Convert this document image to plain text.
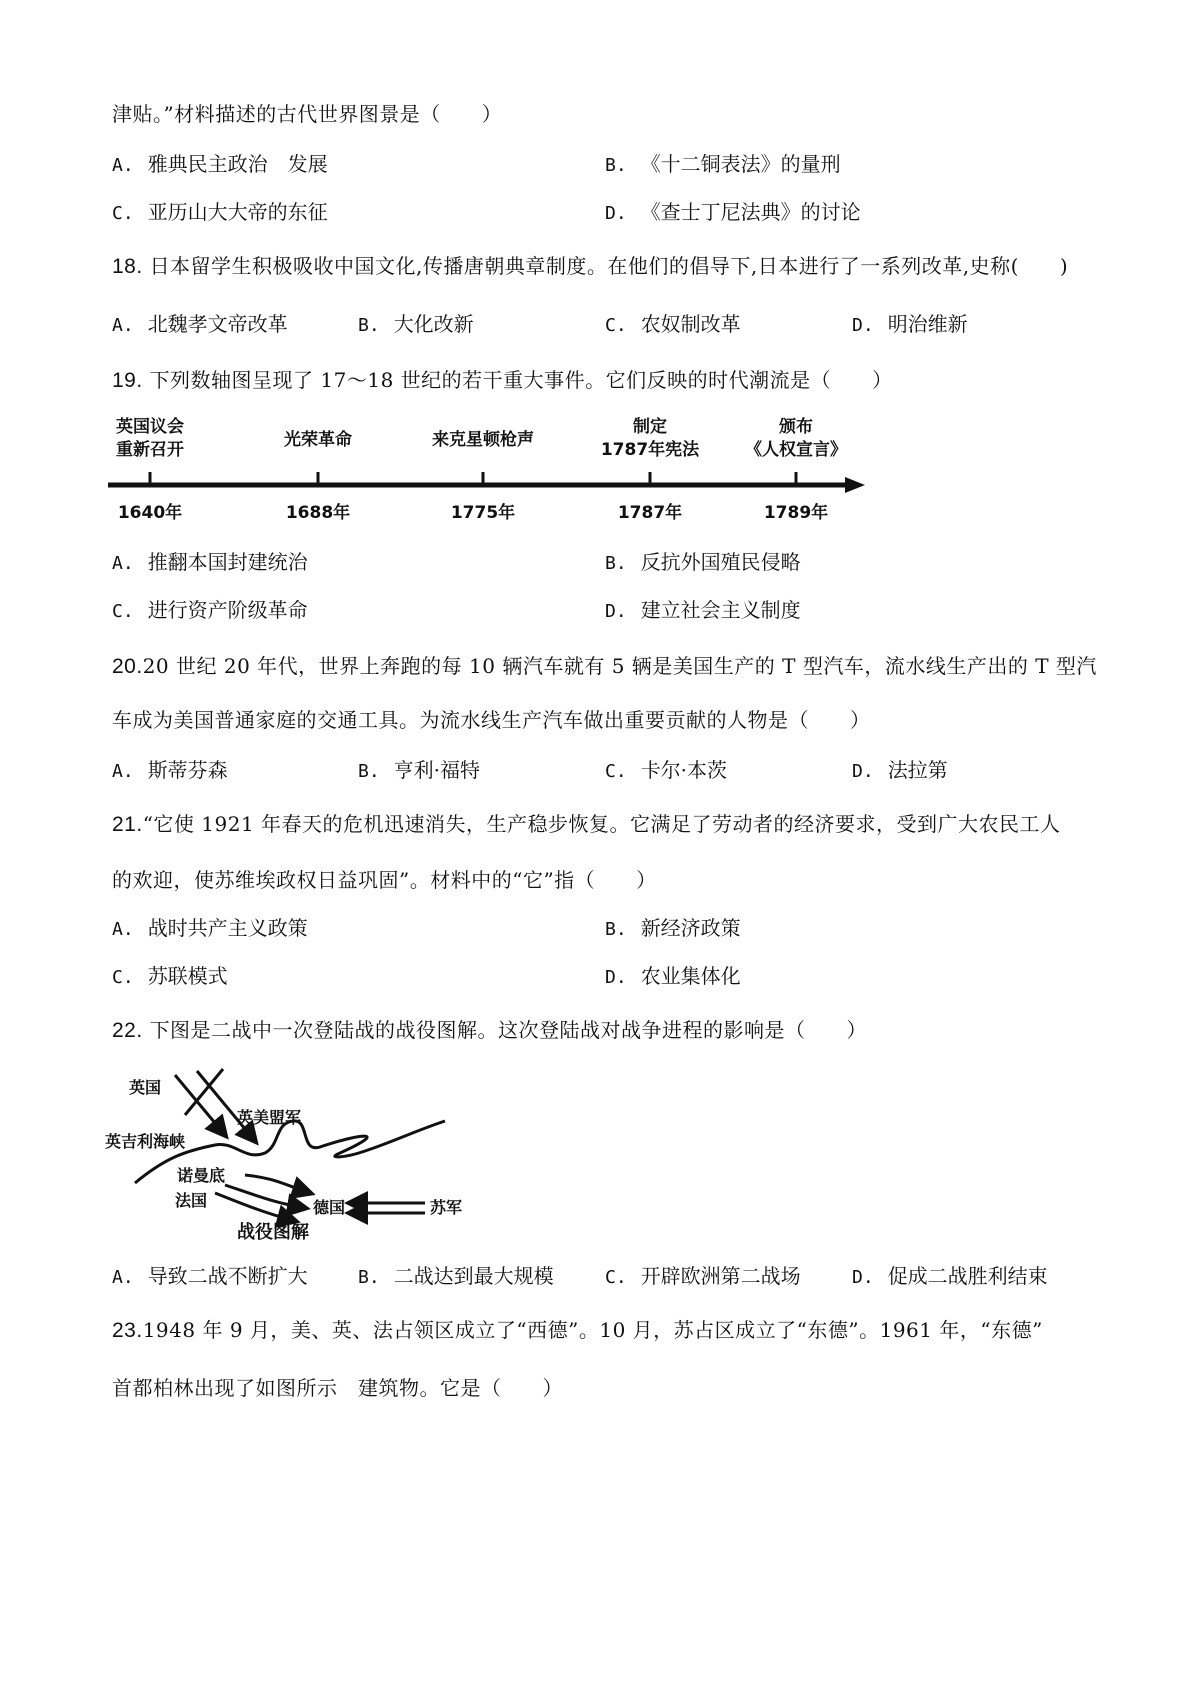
津贴。”材料描述的古代世界图景是（　　）
A. 雅典民主政治　发展	B. 《十二铜表法》的量刑
C. 亚历山大大帝的东征	D. 《查士丁尼法典》的讨论
18. 日本留学生积极吸收中国文化,传播唐朝典章制度。在他们的倡导下,日本进行了一系列改革,史称(　　)
A. 北魏孝文帝改革	B. 大化改新	C. 农奴制改革	D. 明治维新
19. 下列数轴图呈现了 17～18 世纪的若干重大事件。它们反映的时代潮流是（　　）
英国议会
重新召开	光荣革命	来克星顿枪声
制定
1787年宪法
颁布
《人权宣言》
1640年	1688年	1775年	1787年	1789年
A. 推翻本国封建统治	B. 反抗外国殖民侵略
C. 进行资产阶级革命	D. 建立社会主义制度
20.20 世纪 20 年代，世界上奔跑的每 10 辆汽车就有 5 辆是美国生产的 T 型汽车，流水线生产出的 T 型汽
车成为美国普通家庭的交通工具。为流水线生产汽车做出重要贡献的人物是（　　）
A. 斯蒂芬森	B. 亨利·福特	C. 卡尔·本茨	D. 法拉第
21.“它使 1921 年春天的危机迅速消失，生产稳步恢复。它满足了劳动者的经济要求，受到广大农民工人
的欢迎，使苏维埃政权日益巩固”。材料中的“它”指（　　）
A. 战时共产主义政策	B. 新经济政策
C. 苏联模式	D. 农业集体化
22. 下图是二战中一次登陆战的战役图解。这次登陆战对战争进程的影响是（　　）
英国
英美盟军
英吉利海峡
诺曼底
法国	德国	苏军
战役图解
A. 导致二战不断扩大	B. 二战达到最大规模	C. 开辟欧洲第二战场	D. 促成二战胜利结束
23.1948 年 9 月，美、英、法占领区成立了“西德”。10 月，苏占区成立了“东德”。1961 年，“东德”
首都柏林出现了如图所示　建筑物。它是（　　）
